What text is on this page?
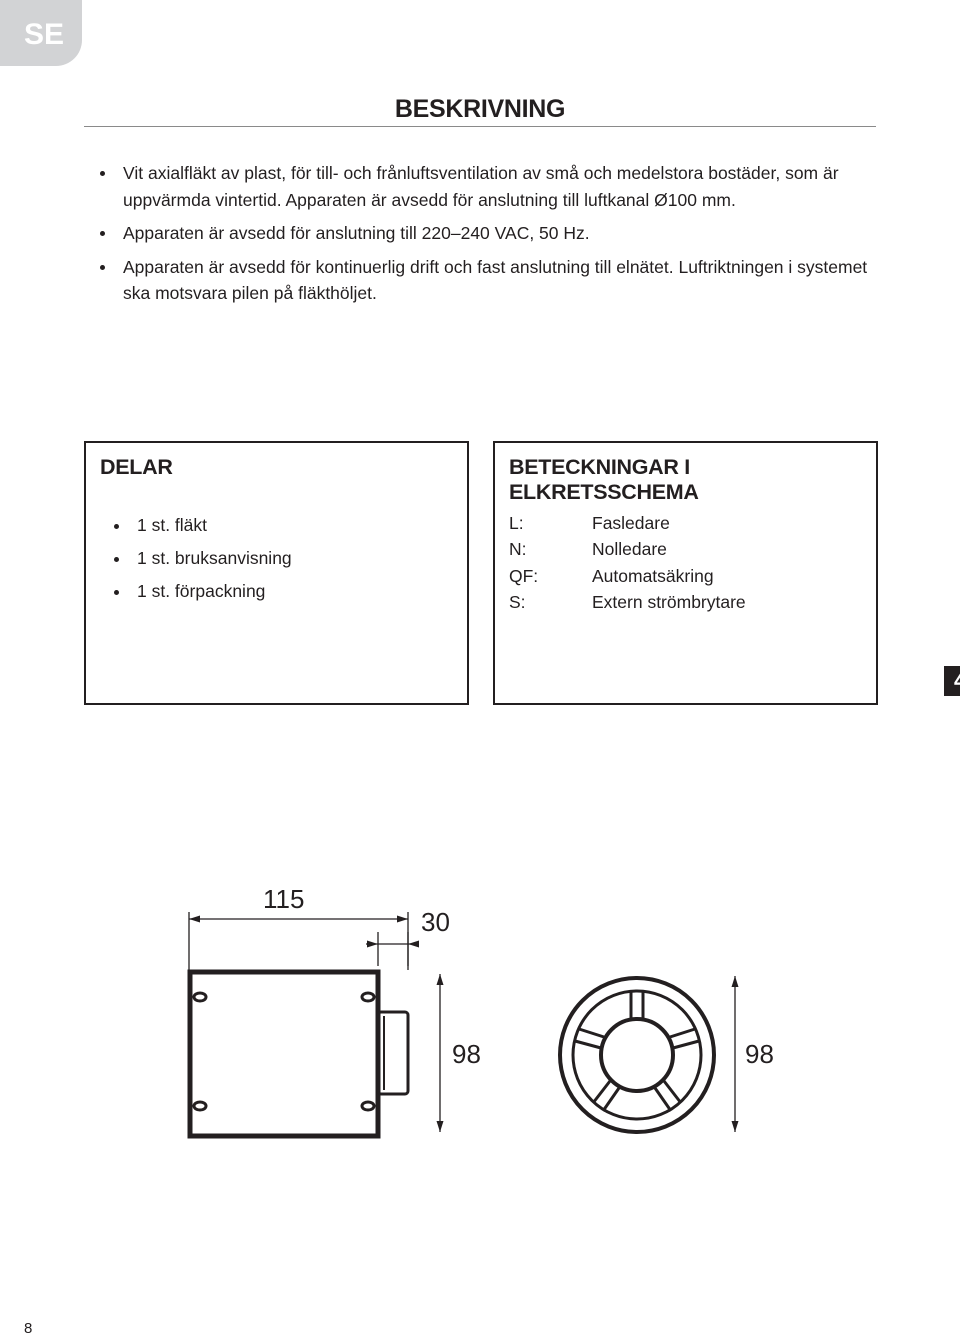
SE
BESKRIVNING
Vit axialfläkt av plast, för till- och frånluftsventilation av små och medelstora bostäder, som är uppvärmda vintertid. Apparaten är avsedd för anslutning till luftkanal Ø100 mm.
Apparaten är avsedd för anslutning till 220–240 VAC, 50 Hz.
Apparaten är avsedd för kontinuerlig drift och fast anslutning till elnätet. Luftriktningen i systemet ska motsvara pilen på fläkthöljet.
DELAR
1 st. fläkt
1 st. bruksanvisning
1 st. förpackning
BETECKNINGAR I ELKRETSSCHEMA
L:	Fasledare
N:	Nolledare
QF:	Automatsäkring
S:	Extern strömbrytare
4
115
30
98	98
8
